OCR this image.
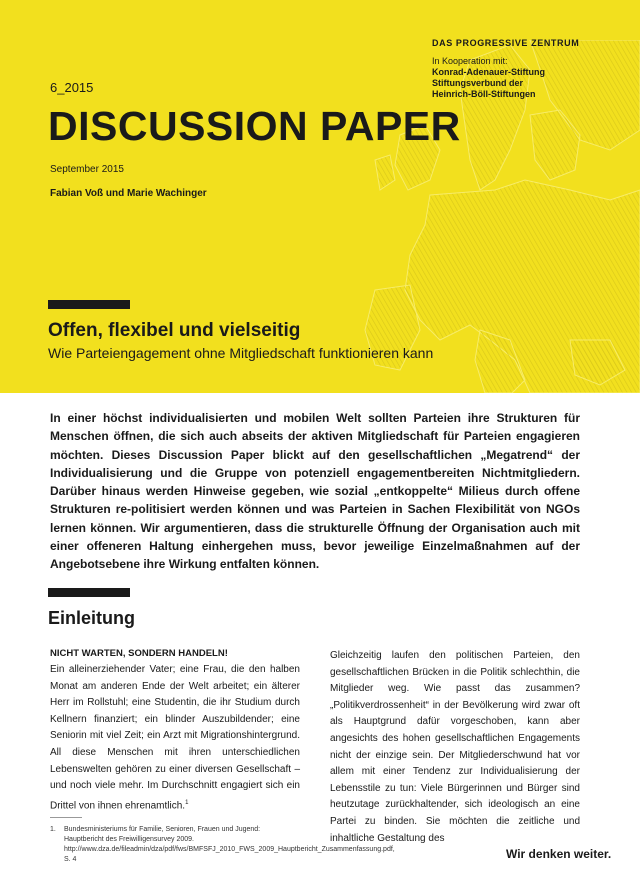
6_2015
DISCUSSION PAPER
September 2015
Fabian Voß und Marie Wachinger
DAS PROGRESSIVE ZENTRUM
In Kooperation mit:
Konrad-Adenauer-Stiftung
Stiftungsverbund der
Heinrich-Böll-Stiftungen
Offen, flexibel und vielseitig
Wie Parteiengagement ohne Mitgliedschaft funktionieren kann

In einer höchst individualisierten und mobilen Welt sollten Parteien ihre Strukturen für Menschen öffnen, die sich auch abseits der aktiven Mitgliedschaft für Parteien engagieren möchten. Dieses Discussion Paper blickt auf den gesellschaftlichen „Megatrend“ der Individualisierung und die Gruppe von potenziell engagementbereiten Nichtmitgliedern. Darüber hinaus werden Hinweise gegeben, wie sozial „entkoppelte“ Milieus durch offene Strukturen re-politisiert werden können und was Parteien in Sachen Flexibilität von NGOs lernen können. Wir argumentieren, dass die strukturelle Öffnung der Organisation auch mit einer offeneren Haltung einhergehen muss, bevor jeweilige Einzelmaßnahmen auf der Angebotsebene ihre Wirkung entfalten können.

Einleitung
NICHT WARTEN, SONDERN HANDELN!

Ein alleinerziehender Vater; eine Frau, die den halben Monat am anderen Ende der Welt arbeitet; ein älterer Herr im Rollstuhl; eine Studentin, die ihr Studium durch Kellnern finanziert; ein blinder Auszubildender; eine Seniorin mit viel Zeit; ein Arzt mit Migrationshintergrund. All diese Menschen mit ihren unterschiedlichen Lebenswelten gehören zu einer diversen Gesellschaft – und noch viele mehr. Im Durchschnitt engagiert sich ein Drittel von ihnen ehrenamtlich.$^1$

Gleichzeitig laufen den politischen Parteien, den gesellschaftlichen Brücken in die Politik schlechthin, die Mitglieder weg. Wie passt das zusammen? „Politikverdrossenheit“ in der Bevölkerung wird zwar oft als Hauptgrund dafür vorgeschoben, kann aber angesichts des hohen gesellschaftlichen Engagements nicht der einzige sein. Der Mitgliederschwund hat vor allem mit einer Tendenz zur Individualisierung der Lebensstile zu tun: Viele Bürgerinnen und Bürger sind heutzutage zurückhaltender, sich ideologisch an eine Partei zu binden. Sie möchten die zeitliche und inhaltliche Gestaltung des

1.	Bundesministeriums für Familie, Senioren, Frauen und Jugend: Hauptbericht des Freiwilligensurvey 2009. http://www.dza.de/fileadmin/dza/pdf/fws/BMFSFJ_2010_FWS_2009_Hauptbericht_Zusammenfassung.pdf, S. 4	Wir denken weiter.
